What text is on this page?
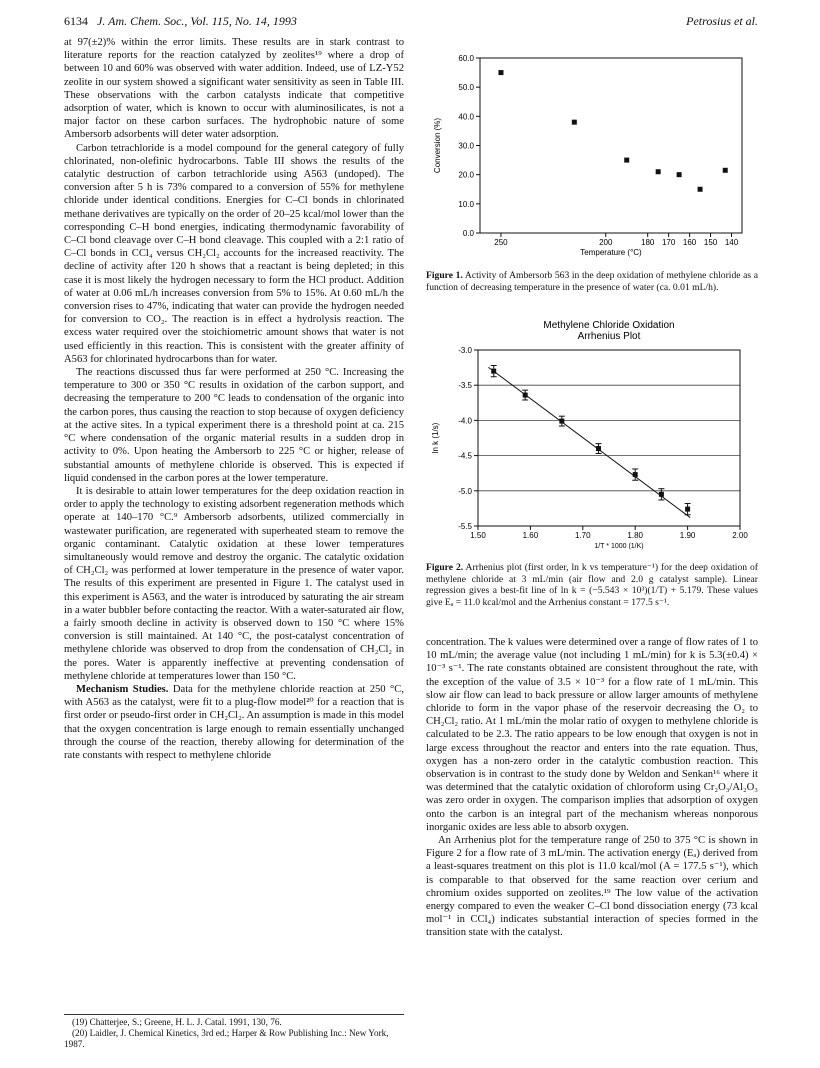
6134 J. Am. Chem. Soc., Vol. 115, No. 14, 1993	Petrosius et al.

at 97(±2)% within the error limits. These results are in stark contrast to literature reports for the reaction catalyzed by zeolites¹⁹ where a drop of between 10 and 60% was observed with water addition. Indeed, use of LZ-Y52 zeolite in our system showed a significant water sensitivity as seen in Table III. These observations with the carbon catalysts indicate that competitive adsorption of water, which is known to occur with aluminosilicates, is not a major factor on these carbon surfaces. The hydrophobic nature of some Ambersorb adsorbents will deter water adsorption.

Carbon tetrachloride is a model compound for the general category of fully chlorinated, non-olefinic hydrocarbons. Table III shows the results of the catalytic destruction of carbon tetrachloride using A563 (undoped). The conversion after 5 h is 73% compared to a conversion of 55% for methylene chloride under identical conditions. Energies for C–Cl bonds in chlorinated methane derivatives are typically on the order of 20–25 kcal/mol lower than the corresponding C–H bond energies, indicating thermodynamic favorability of C–Cl bond cleavage over C–H bond cleavage. This coupled with a 2:1 ratio of C–Cl bonds in CCl₄ versus CH₂Cl₂ accounts for the increased reactivity. The decline of activity after 120 h shows that a reactant is being depleted; in this case it is most likely the hydrogen necessary to form the HCl product. Addition of water at 0.06 mL/h increases conversion from 5% to 15%. At 0.60 mL/h the conversion rises to 47%, indicating that water can provide the hydrogen needed for conversion to CO₂. The reaction is in effect a hydrolysis reaction. The excess water required over the stoichiometric amount shows that water is not used efficiently in this reaction. This is consistent with the greater affinity of A563 for chlorinated hydrocarbons than for water.

The reactions discussed thus far were performed at 250 °C. Increasing the temperature to 300 or 350 °C results in oxidation of the carbon support, and decreasing the temperature to 200 °C leads to condensation of the organic into the carbon pores, thus causing the reaction to stop because of oxygen deficiency at the active sites. In a typical experiment there is a threshold point at ca. 215 °C where condensation of the organic material results in a sudden drop in activity to 0%. Upon heating the Ambersorb to 225 °C or higher, release of substantial amounts of methylene chloride is observed. This is expected if liquid condensed in the carbon pores at the lower temperature.

It is desirable to attain lower temperatures for the deep oxidation reaction in order to apply the technology to existing adsorbent regeneration methods which operate at 140–170 °C.⁹ Ambersorb adsorbents, utilized commercially in wastewater purification, are regenerated with superheated steam to remove the organic contaminant. Catalytic oxidation at these lower temperatures simultaneously would remove and destroy the organic. The catalytic oxidation of CH₂Cl₂ was performed at lower temperature in the presence of water vapor. The results of this experiment are presented in Figure 1. The catalyst used in this experiment is A563, and the water is introduced by saturating the air stream in a water bubbler before contacting the reactor. With a water-saturated air flow, a fairly smooth decline in activity is observed down to 150 °C where 15% conversion is still maintained. At 140 °C, the post-catalyst concentration of methylene chloride was observed to drop from the condensation of CH₂Cl₂ in the pores. Water is apparently ineffective at preventing condensation of methylene chloride at temperatures lower than 150 °C.

Mechanism Studies. Data for the methylene chloride reaction at 250 °C, with A563 as the catalyst, were fit to a plug-flow model²⁰ for a reaction that is first order or pseudo-first order in CH₂Cl₂. An assumption is made in this model that the oxygen concentration is large enough to remain essentially unchanged through the course of the reaction, thereby allowing for determination of the rate constants with respect to methylene chloride

(19) Chatterjee, S.; Greene, H. L. J. Catal. 1991, 130, 76.
(20) Laidler, J. Chemical Kinetics, 3rd ed.; Harper & Row Publishing Inc.: New York, 1987.
0.0
10.0
20.0
30.0
40.0
50.0
60.0
250	200	180 170 160 150 140
Temperature (°C)
Conversion (%)
Figure 1. Activity of Ambersorb 563 in the deep oxidation of methylene chloride as a function of decreasing temperature in the presence of water (ca. 0.01 mL/h).
Methylene Chloride Oxidation
Arrhenius Plot
-3.0
-3.5
-4.0
-4.5
-5.0
-5.5
1.50	1.60	1.70	1.80	1.90	2.00
1/T * 1000 (1/K)
ln k (1/s)
Figure 2. Arrhenius plot (first order, ln k vs temperature⁻¹) for the deep oxidation of methylene chloride at 3 mL/min (air flow and 2.0 g catalyst sample). Linear regression gives a best-fit line of ln k = (−5.543 × 10³)(1/T) + 5.179. These values give Eₐ = 11.0 kcal/mol and the Arrhenius constant = 177.5 s⁻¹.

concentration. The k values were determined over a range of flow rates of 1 to 10 mL/min; the average value (not including 1 mL/min) for k is 5.3(±0.4) × 10⁻³ s⁻¹. The rate constants obtained are consistent throughout the rate, with the exception of the value of 3.5 × 10⁻³ for a flow rate of 1 mL/min. This slow air flow can lead to back pressure or allow larger amounts of methylene chloride to form in the vapor phase of the reservoir decreasing the O₂ to CH₂Cl₂ ratio. At 1 mL/min the molar ratio of oxygen to methylene chloride is calculated to be 2.3. The ratio appears to be low enough that oxygen is not in large excess throughout the reactor and enters into the rate equation. Thus, oxygen has a non-zero order in the catalytic combustion reaction. This observation is in contrast to the study done by Weldon and Senkan¹⁶ where it was determined that the catalytic oxidation of chloroform using Cr₂O₃/Al₂O₃ was zero order in oxygen. The comparison implies that adsorption of oxygen onto the carbon is an integral part of the mechanism whereas nonporous inorganic oxides are less able to absorb oxygen.

An Arrhenius plot for the temperature range of 250 to 375 °C is shown in Figure 2 for a flow rate of 3 mL/min. The activation energy (Eₐ) derived from a least-squares treatment on this plot is 11.0 kcal/mol (A = 177.5 s⁻¹), which is comparable to that observed for the same reaction over cerium and chromium oxides supported on zeolites.¹⁹ The low value of the activation energy compared to even the weaker C–Cl bond dissociation energy (73 kcal mol⁻¹ in CCl₄) indicates substantial interaction of species formed in the transition state with the catalyst.
